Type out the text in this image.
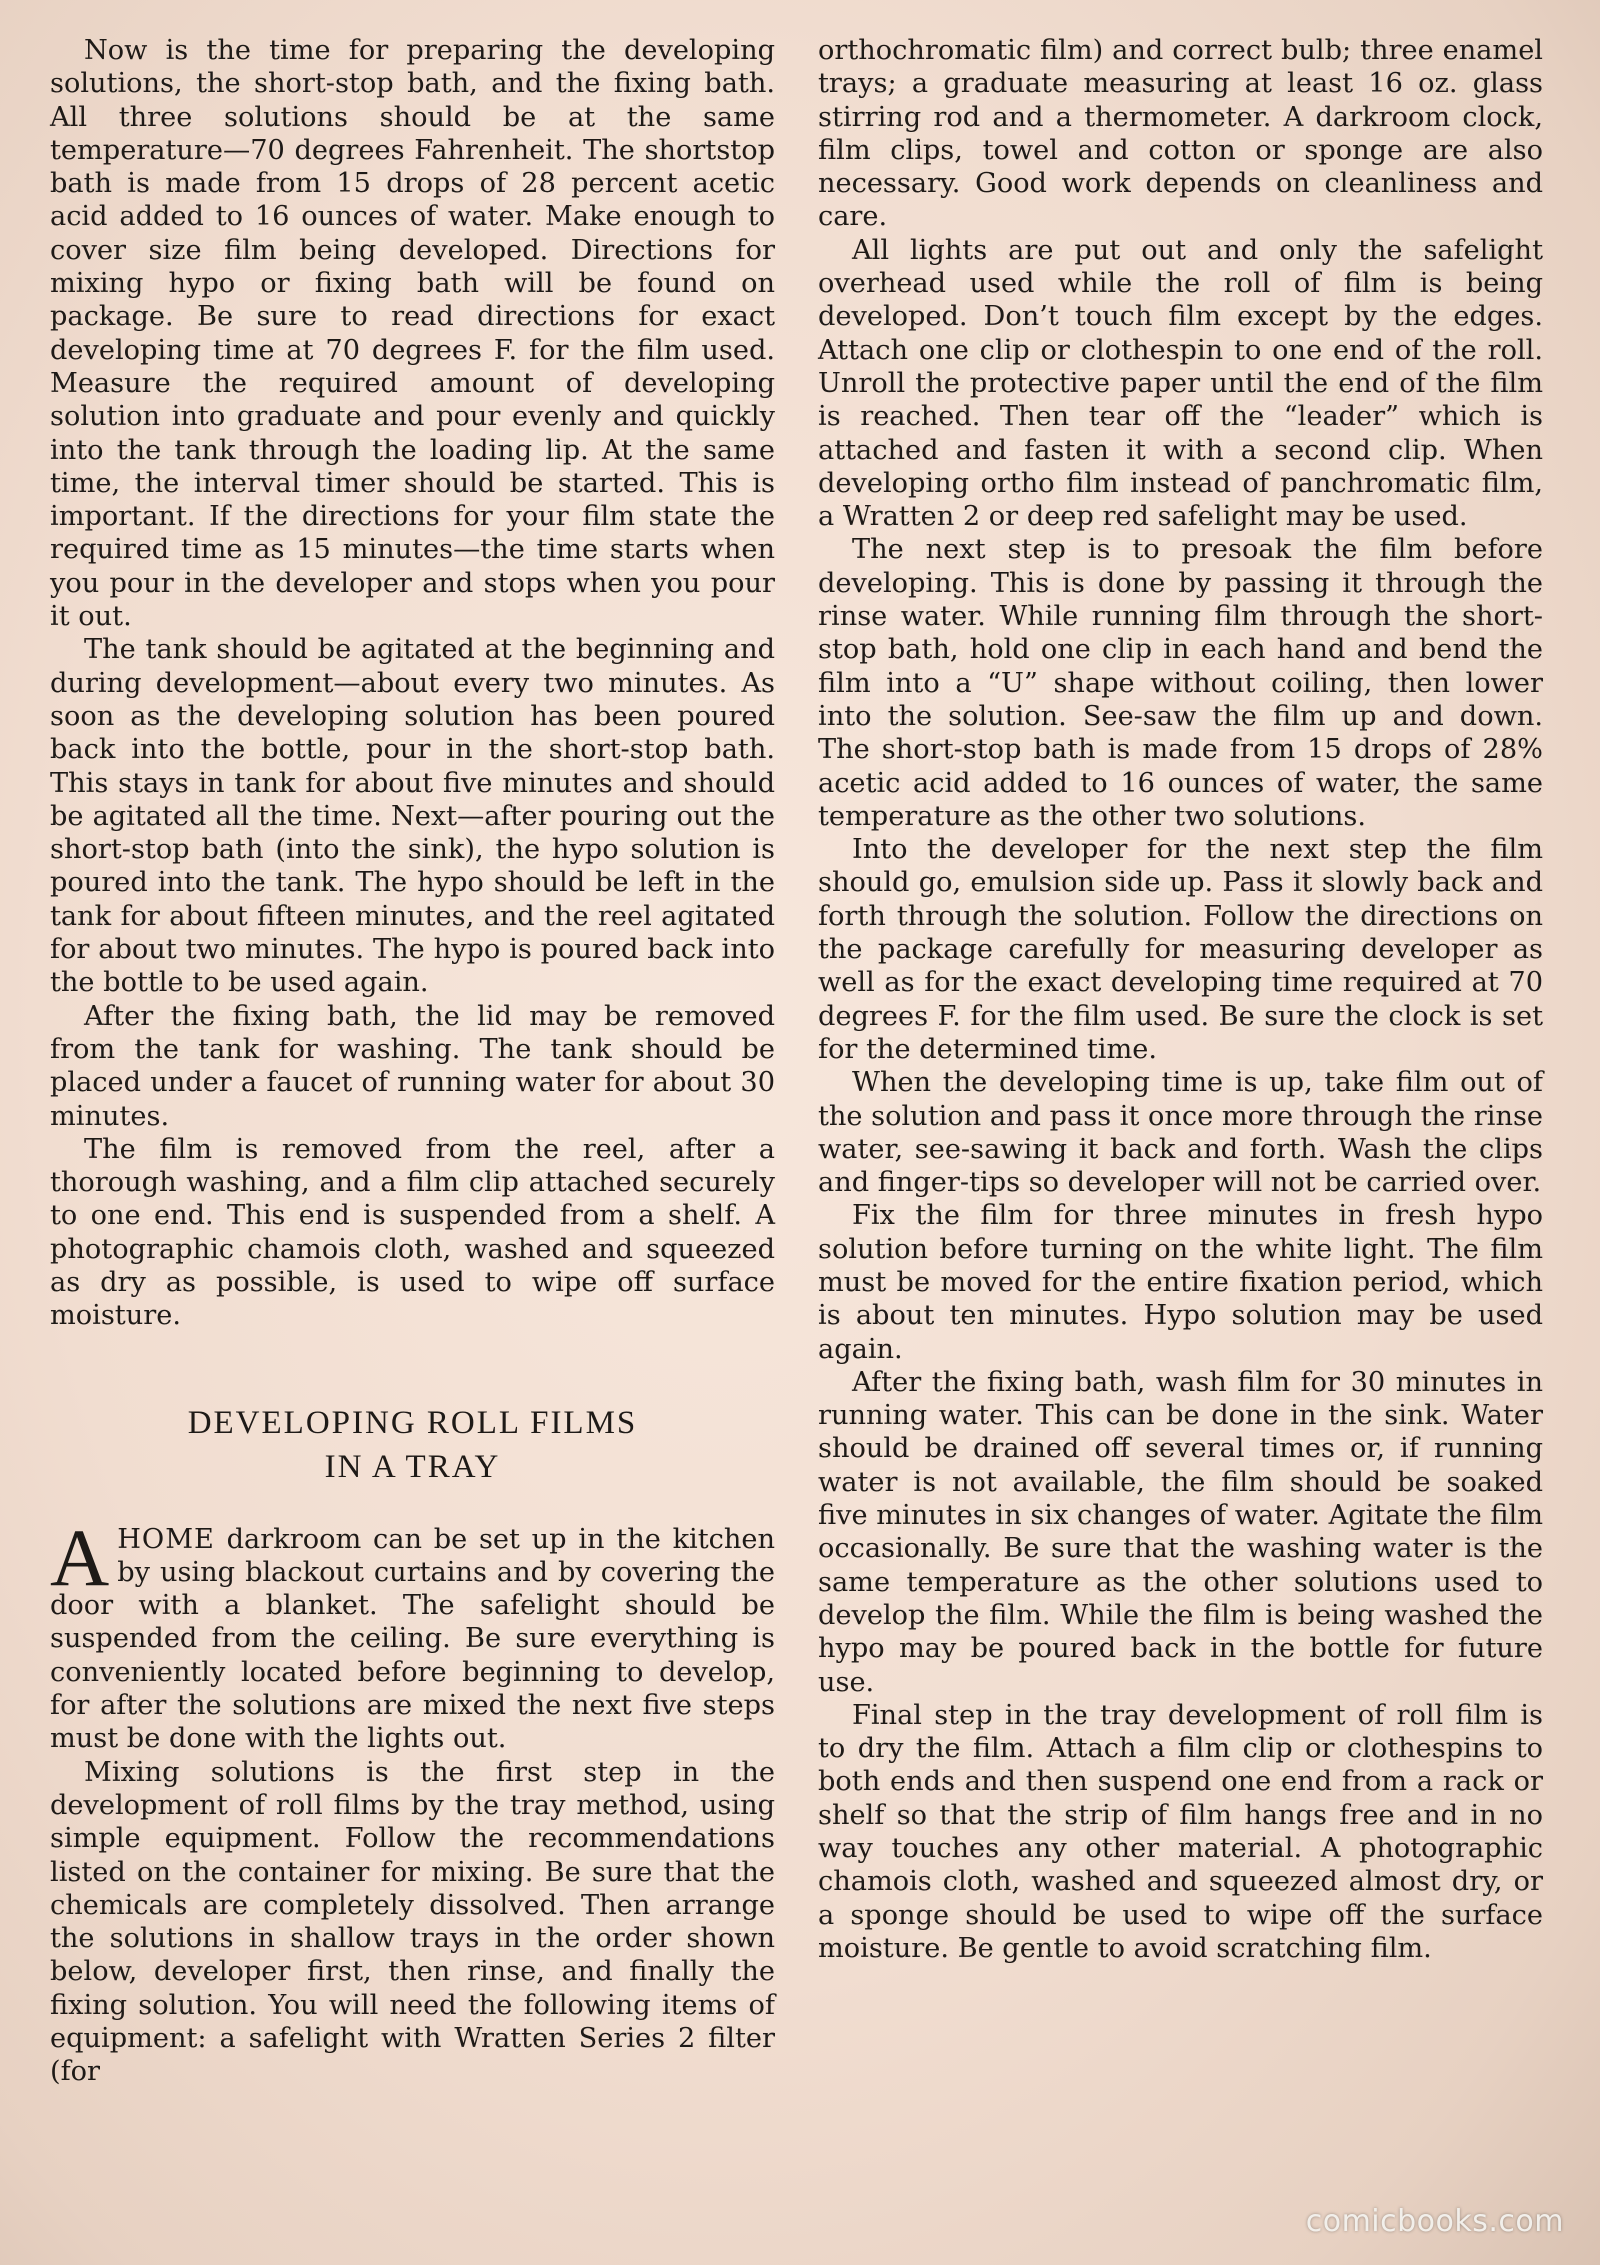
Now is the time for preparing the developing solutions, the short-stop bath, and the fixing bath. All three solutions should be at the same temperature—70 degrees Fahrenheit. The shortstop bath is made from 15 drops of 28 percent acetic acid added to 16 ounces of water. Make enough to cover size film being developed. Directions for mixing hypo or fixing bath will be found on package. Be sure to read directions for exact developing time at 70 degrees F. for the film used. Measure the required amount of developing solution into graduate and pour evenly and quickly into the tank through the loading lip. At the same time, the interval timer should be started. This is important. If the directions for your film state the required time as 15 minutes—the time starts when you pour in the developer and stops when you pour it out.

The tank should be agitated at the beginning and during development—about every two minutes. As soon as the developing solution has been poured back into the bottle, pour in the short-stop bath. This stays in tank for about five minutes and should be agitated all the time. Next—after pouring out the short-stop bath (into the sink), the hypo solution is poured into the tank. The hypo should be left in the tank for about fifteen minutes, and the reel agitated for about two minutes. The hypo is poured back into the bottle to be used again.

After the fixing bath, the lid may be removed from the tank for washing. The tank should be placed under a faucet of running water for about 30 minutes.

The film is removed from the reel, after a thorough washing, and a film clip attached securely to one end. This end is suspended from a shelf. A photographic chamois cloth, washed and squeezed as dry as possible, is used to wipe off surface moisture.

DEVELOPING ROLL FILMS
IN A TRAY

AHOME darkroom can be set up in the kitchen by using blackout curtains and by covering the door with a blanket. The safelight should be suspended from the ceiling. Be sure everything is conveniently located before beginning to develop, for after the solutions are mixed the next five steps must be done with the lights out.

Mixing solutions is the first step in the development of roll films by the tray method, using simple equipment. Follow the recommendations listed on the container for mixing. Be sure that the chemicals are completely dissolved. Then arrange the solutions in shallow trays in the order shown below, developer first, then rinse, and finally the fixing solution. You will need the following items of equipment: a safelight with Wratten Series 2 filter (for

orthochromatic film) and correct bulb; three enamel trays; a graduate measuring at least 16 oz. glass stirring rod and a thermometer. A darkroom clock, film clips, towel and cotton or sponge are also necessary. Good work depends on cleanliness and care.

All lights are put out and only the safelight overhead used while the roll of film is being developed. Don’t touch film except by the edges. Attach one clip or clothespin to one end of the roll. Unroll the protective paper until the end of the film is reached. Then tear off the “leader” which is attached and fasten it with a second clip. When developing ortho film instead of panchromatic film, a Wratten 2 or deep red safelight may be used.

The next step is to presoak the film before developing. This is done by passing it through the rinse water. While running film through the short-stop bath, hold one clip in each hand and bend the film into a “U” shape without coiling, then lower into the solution. See-saw the film up and down. The short-stop bath is made from 15 drops of 28% acetic acid added to 16 ounces of water, the same temperature as the other two solutions.

Into the developer for the next step the film should go, emulsion side up. Pass it slowly back and forth through the solution. Follow the directions on the package carefully for measuring developer as well as for the exact developing time required at 70 degrees F. for the film used. Be sure the clock is set for the determined time.

When the developing time is up, take film out of the solution and pass it once more through the rinse water, see-sawing it back and forth. Wash the clips and finger-tips so developer will not be carried over.

Fix the film for three minutes in fresh hypo solution before turning on the white light. The film must be moved for the entire fixation period, which is about ten minutes. Hypo solution may be used again.

After the fixing bath, wash film for 30 minutes in running water. This can be done in the sink. Water should be drained off several times or, if running water is not available, the film should be soaked five minutes in six changes of water. Agitate the film occasionally. Be sure that the washing water is the same temperature as the other solutions used to develop the film. While the film is being washed the hypo may be poured back in the bottle for future use.

Final step in the tray development of roll film is to dry the film. Attach a film clip or clothespins to both ends and then suspend one end from a rack or shelf so that the strip of film hangs free and in no way touches any other material. A photographic chamois cloth, washed and squeezed almost dry, or a sponge should be used to wipe off the surface moisture. Be gentle to avoid scratching film.

comicbooks.com
